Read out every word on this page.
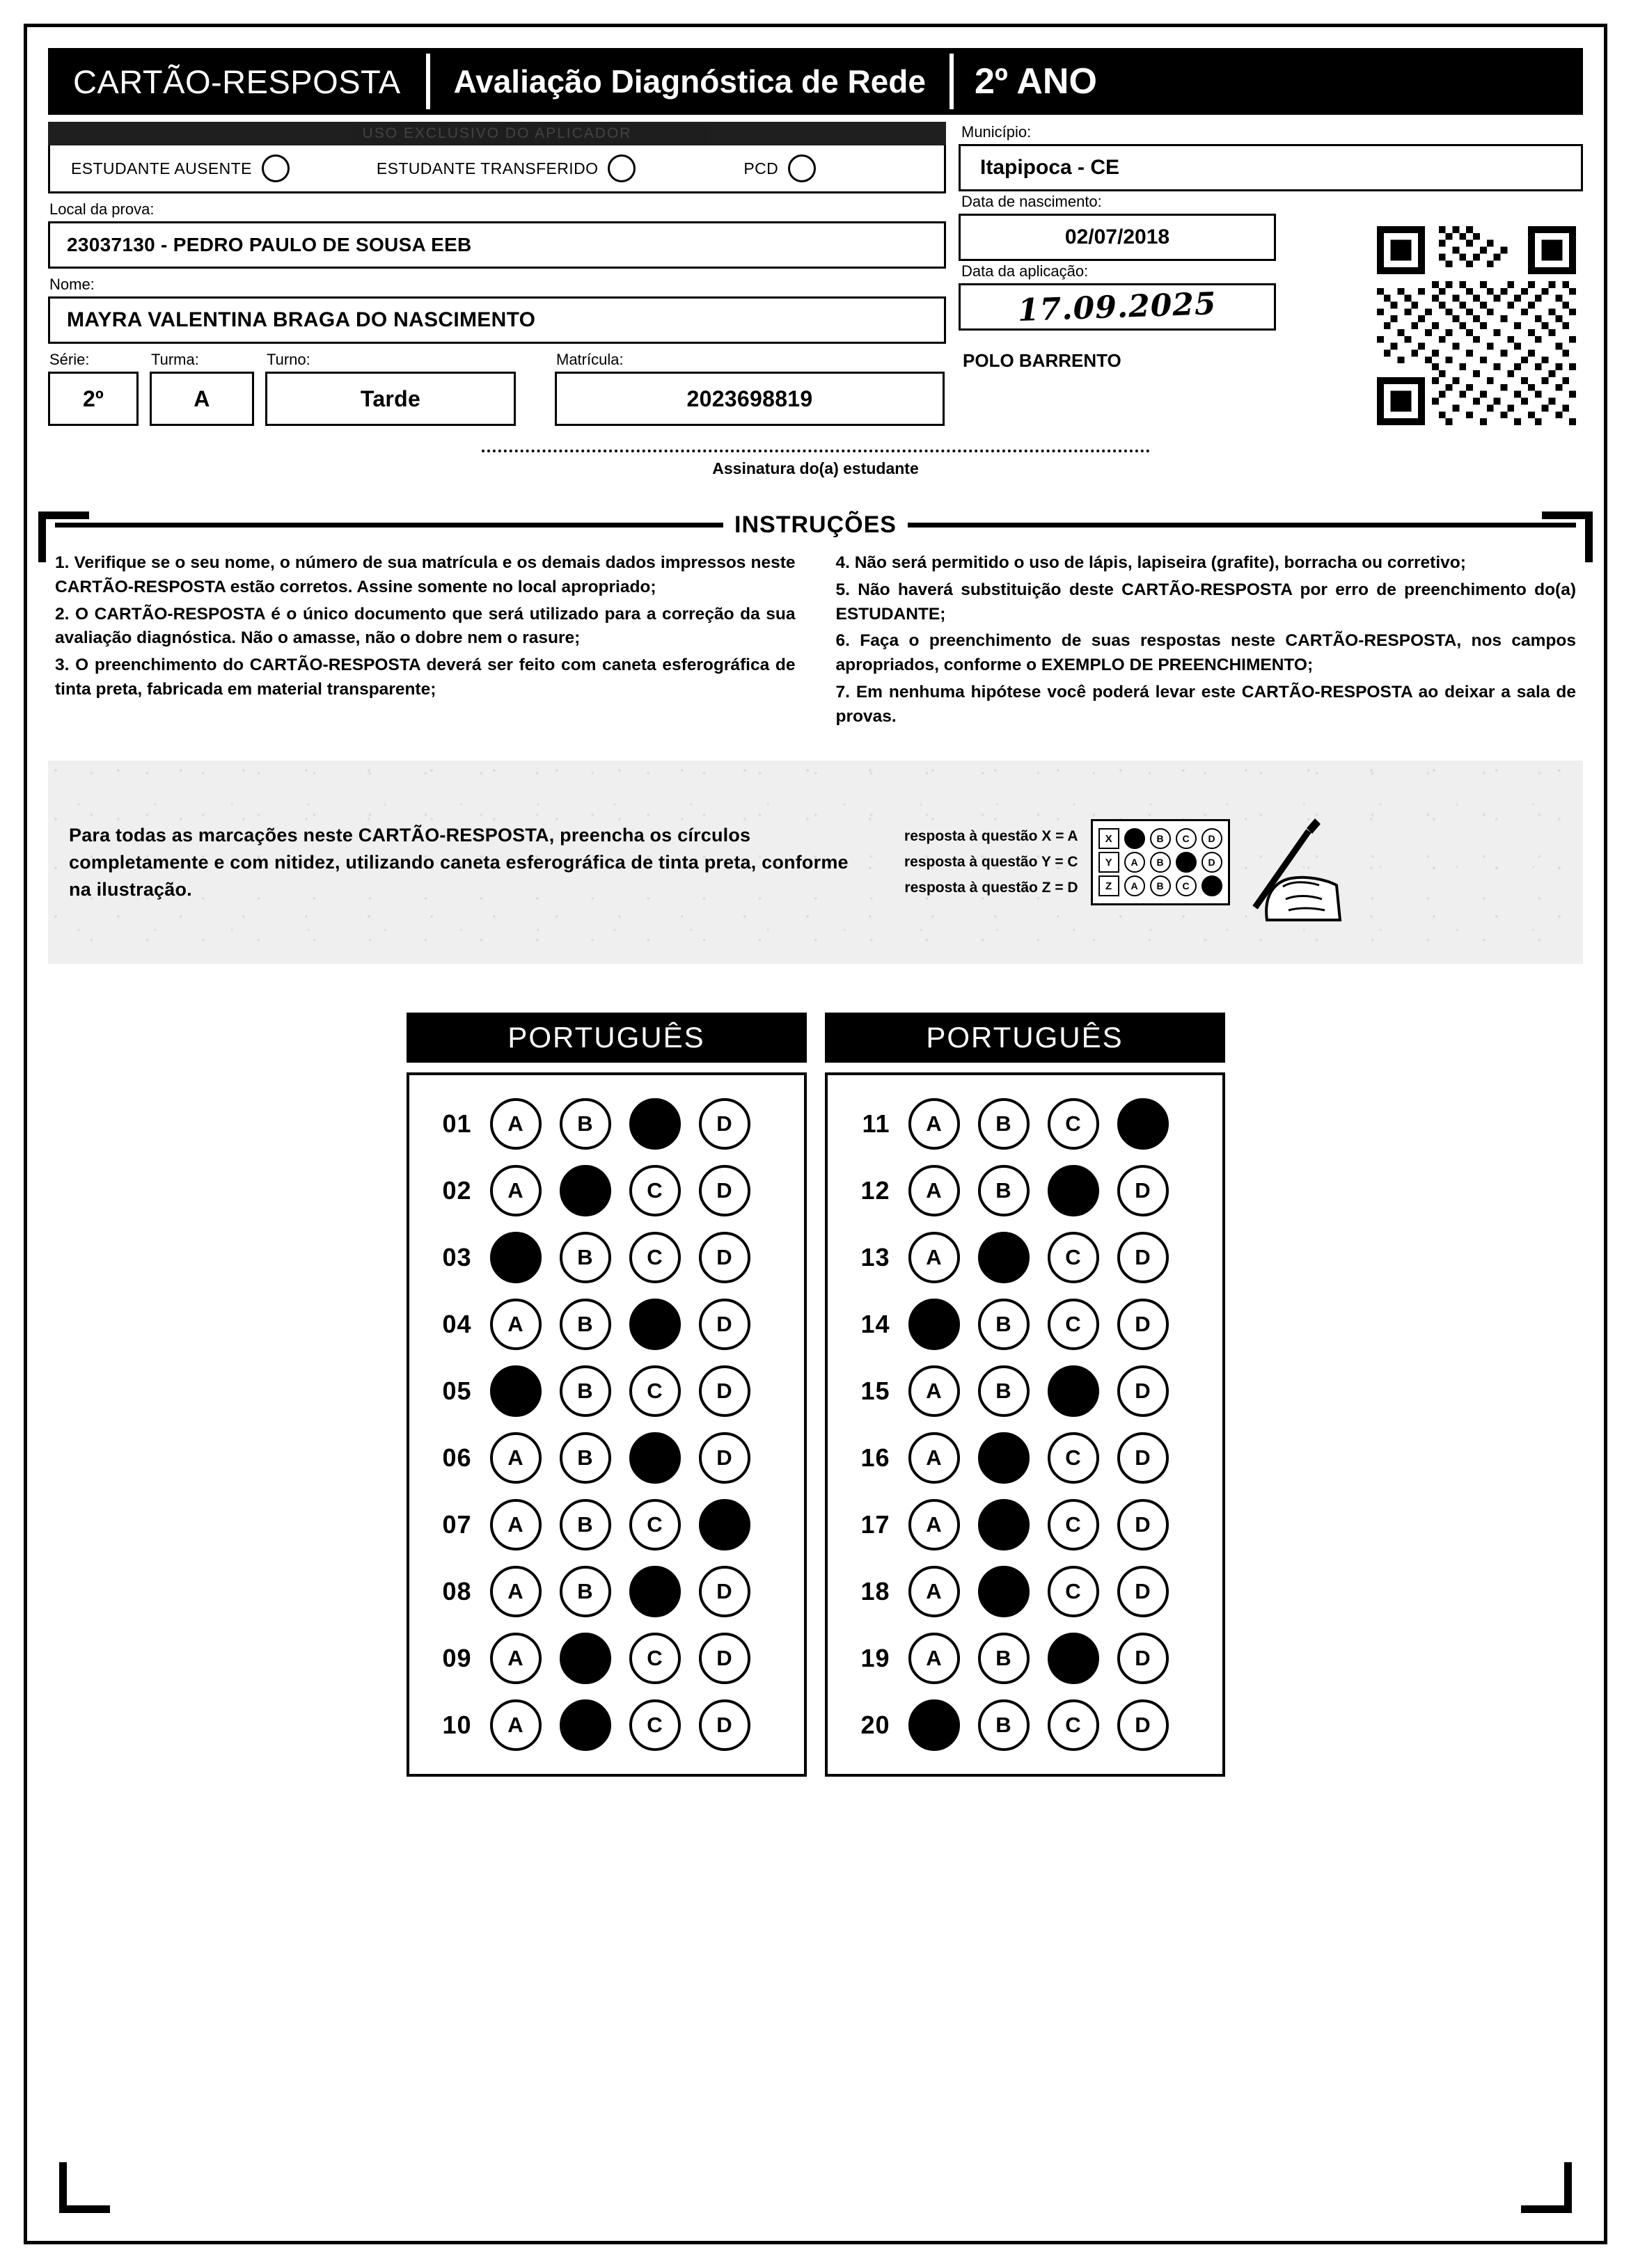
CARTÃO-RESPOSTA	Avaliação Diagnóstica de Rede	2º ANO
USO EXCLUSIVO DO APLICADOR
ESTUDANTE AUSENTE	ESTUDANTE TRANSFERIDO	PCD
Local da prova:
23037130 - PEDRO PAULO DE SOUSA EEB
Nome:
MAYRA VALENTINA BRAGA DO NASCIMENTO
Série:
2º
Turma:
A
Turno:
Tarde
Matrícula:
2023698819
Município:
Itapipoca - CE
Data de nascimento:
02/07/2018
Data da aplicação:
17.09.2025
POLO BARRENTO
Assinatura do(a) estudante
INSTRUÇÕES

1. Verifique se o seu nome, o número de sua matrícula e os demais dados impressos neste CARTÃO-RESPOSTA estão corretos. Assine somente no local apropriado;

2. O CARTÃO-RESPOSTA é o único documento que será utilizado para a correção da sua avaliação diagnóstica. Não o amasse, não o dobre nem o rasure;

3. O preenchimento do CARTÃO-RESPOSTA deverá ser feito com caneta esferográfica de tinta preta, fabricada em material transparente;

4. Não será permitido o uso de lápis, lapiseira (grafite), borracha ou corretivo;

5. Não haverá substituição deste CARTÃO-RESPOSTA por erro de preenchimento do(a) ESTUDANTE;

6. Faça o preenchimento de suas respostas neste CARTÃO-RESPOSTA, nos campos apropriados, conforme o EXEMPLO DE PREENCHIMENTO;

7. Em nenhuma hipótese você poderá levar este CARTÃO-RESPOSTA ao deixar a sala de provas.

Para todas as marcações neste CARTÃO-RESPOSTA, preencha os círculos completamente e com nitidez, utilizando caneta esferográfica de tinta preta, conforme na ilustração.
resposta à questão X = A
resposta à questão Y = C
resposta à questão Z = D
X	A	B	C	D
Y	A	B	C	D
Z	A	B	C	D
PORTUGUÊS
01	A	B	C	D
02	A	B	C	D
03	A	B	C	D
04	A	B	C	D
05	A	B	C	D
06	A	B	C	D
07	A	B	C	D
08	A	B	C	D
09	A	B	C	D
10	A	B	C	D
PORTUGUÊS
11	A	B	C	D
12	A	B	C	D
13	A	B	C	D
14	A	B	C	D
15	A	B	C	D
16	A	B	C	D
17	A	B	C	D
18	A	B	C	D
19	A	B	C	D
20	A	B	C	D
